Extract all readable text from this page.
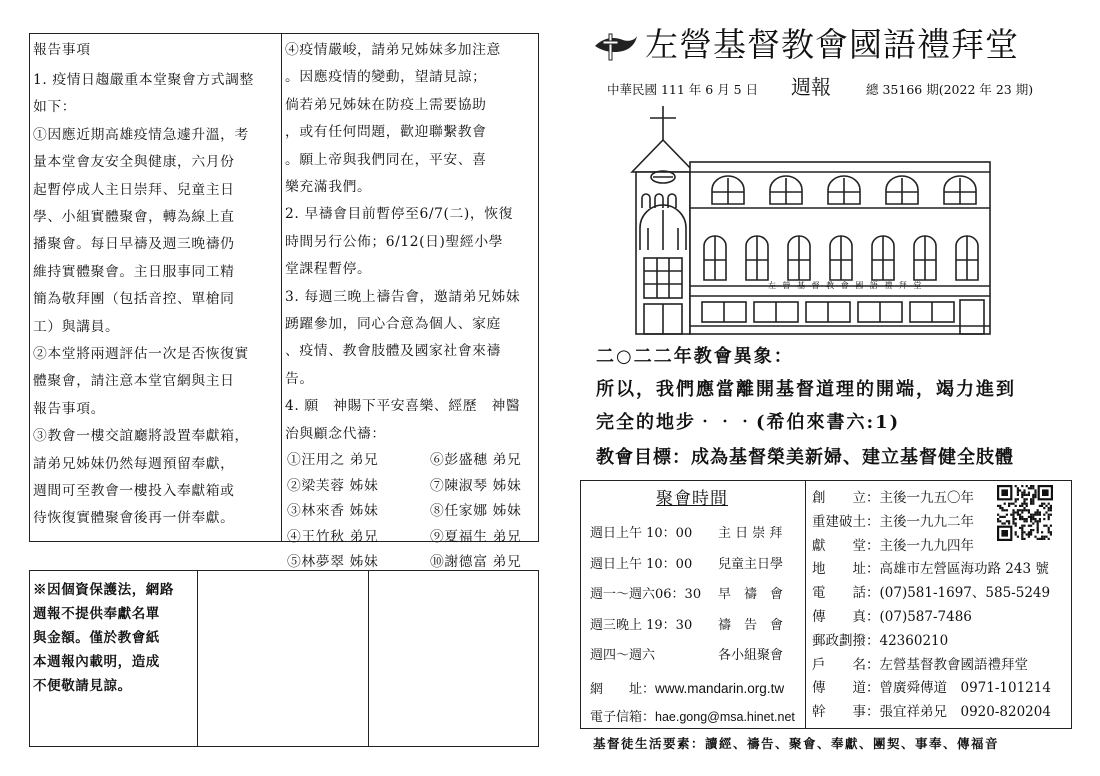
報告事項
1. 疫情日趨嚴重本堂聚會方式調整
如下：
①因應近期高雄疫情急遽升溫，考
量本堂會友安全與健康，六月份
起暫停成人主日崇拜、兒童主日
學、小組實體聚會，轉為線上直
播聚會。每日早禱及週三晚禱仍
維持實體聚會。主日服事同工精
簡為敬拜團（包括音控、單槍同
工）與講員。
②本堂將兩週評估一次是否恢復實
體聚會，請注意本堂官網與主日
報告事項。
③教會一樓交誼廳將設置奉獻箱，
請弟兄姊妹仍然每週預留奉獻，
週間可至教會一樓投入奉獻箱或
待恢復實體聚會後再一併奉獻。
④疫情嚴峻，請弟兄姊妹多加注意
。因應疫情的變動，望請見諒；
倘若弟兄姊妹在防疫上需要協助
，或有任何問題，歡迎聯繫教會
。願上帝與我們同在，平安、喜
樂充滿我們。
2. 早禱會目前暫停至6/7(二)，恢復
時間另行公佈；6/12(日)聖經小學
堂課程暫停。
3. 每週三晚上禱告會，邀請弟兄姊妹
踴躍參加，同心合意為個人、家庭
、疫情、教會肢體及國家社會來禱
告。
4. 願　神賜下平安喜樂、經歷　神醫
治與顧念代禱：
①汪用之 弟兄	⑥彭盛穗 弟兄
②梁芙蓉 姊妹	⑦陳淑琴 姊妹
③林來香 姊妹	⑧任家娜 姊妹
④王竹秋 弟兄	⑨夏福生 弟兄
⑤林夢翠 姊妹	⑩謝德富 弟兄
※因個資保護法，網路
週報不提供奉獻名單
與金額。僅於教會紙
本週報內載明，造成
不便敬請見諒。
左營基督教會國語禮拜堂
中華民國 111 年 6 月 5 日 週報	總 35166 期(2022 年 23 期)
左 營 基 督 教 會 國 語 禮 拜 堂
二○二二年教會異象：
所以，我們應當離開基督道理的開端，竭力進到
完全的地步‧‧‧(希伯來書六:1)
教會目標：成為基督榮美新婦、建立基督健全肢體
聚會時間
週日上午 10：00 主 日 崇 拜
週日上午 10：00 兒童主日學
週一～週六06：30 早　禱　會
週三晚上 19：30 禱　告　會
週四～週六	各小組聚會
網　　址：www.mandarin.org.tw
電子信箱：hae.gong@msa.hinet.net
創　　立：主後一九五〇年
重建破土：主後一九九二年
獻　　堂：主後一九九四年
地　　址：高雄市左營區海功路 243 號
電　　話：(07)581-1697、585-5249
傳　　真：(07)587-7486
郵政劃撥：42360210
戶　　名：左營基督教會國語禮拜堂
傳　　道：曾廣舜傳道　0971-101214
幹　　事：張宜祥弟兄　0920-820204
基督徒生活要素：讀經、禱告、聚會、奉獻、團契、事奉、傳福音
